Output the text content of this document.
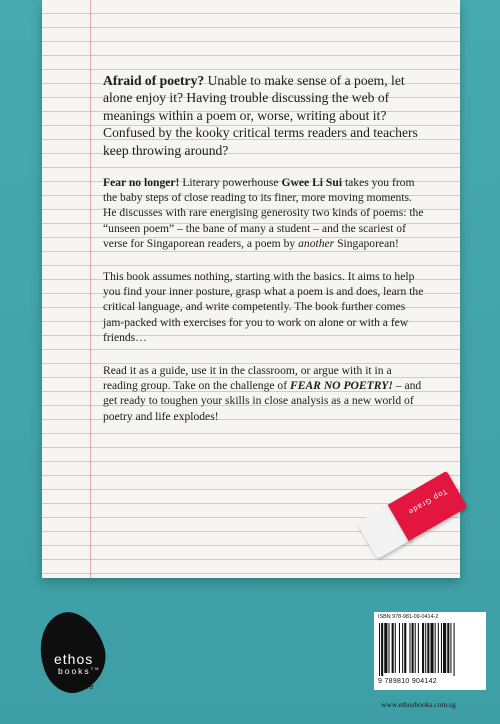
Afraid of poetry? Unable to make sense of a poem, let alone enjoy it? Having trouble discussing the web of meanings within a poem or, worse, writing about it? Confused by the kooky critical terms readers and teachers keep throwing around?

Fear no longer! Literary powerhouse Gwee Li Sui takes you from the baby steps of close reading to its finer, more moving moments. He discusses with rare energising generosity two kinds of poems: the “unseen poem” – the bane of many a student – and the scariest of verse for Singaporean readers, a poem by another Singaporean!

This book assumes nothing, starting with the basics. It aims to help you find your inner posture, grasp what a poem is and does, learn the critical language, and write competently. The book further comes jam-packed with exercises for you to work on alone or with a few friends…

Read it as a guide, use it in the classroom, or argue with it in a reading group. Take on the challenge of FEAR NO POETRY! – and get ready to toughen your skills in close analysis as a new world of poetry and life explodes!

Top Grade
ethos
books™
Singapore
ISBN 978-981-09-0414-2
9 789810 904142
www.ethosbooks.com.sg
